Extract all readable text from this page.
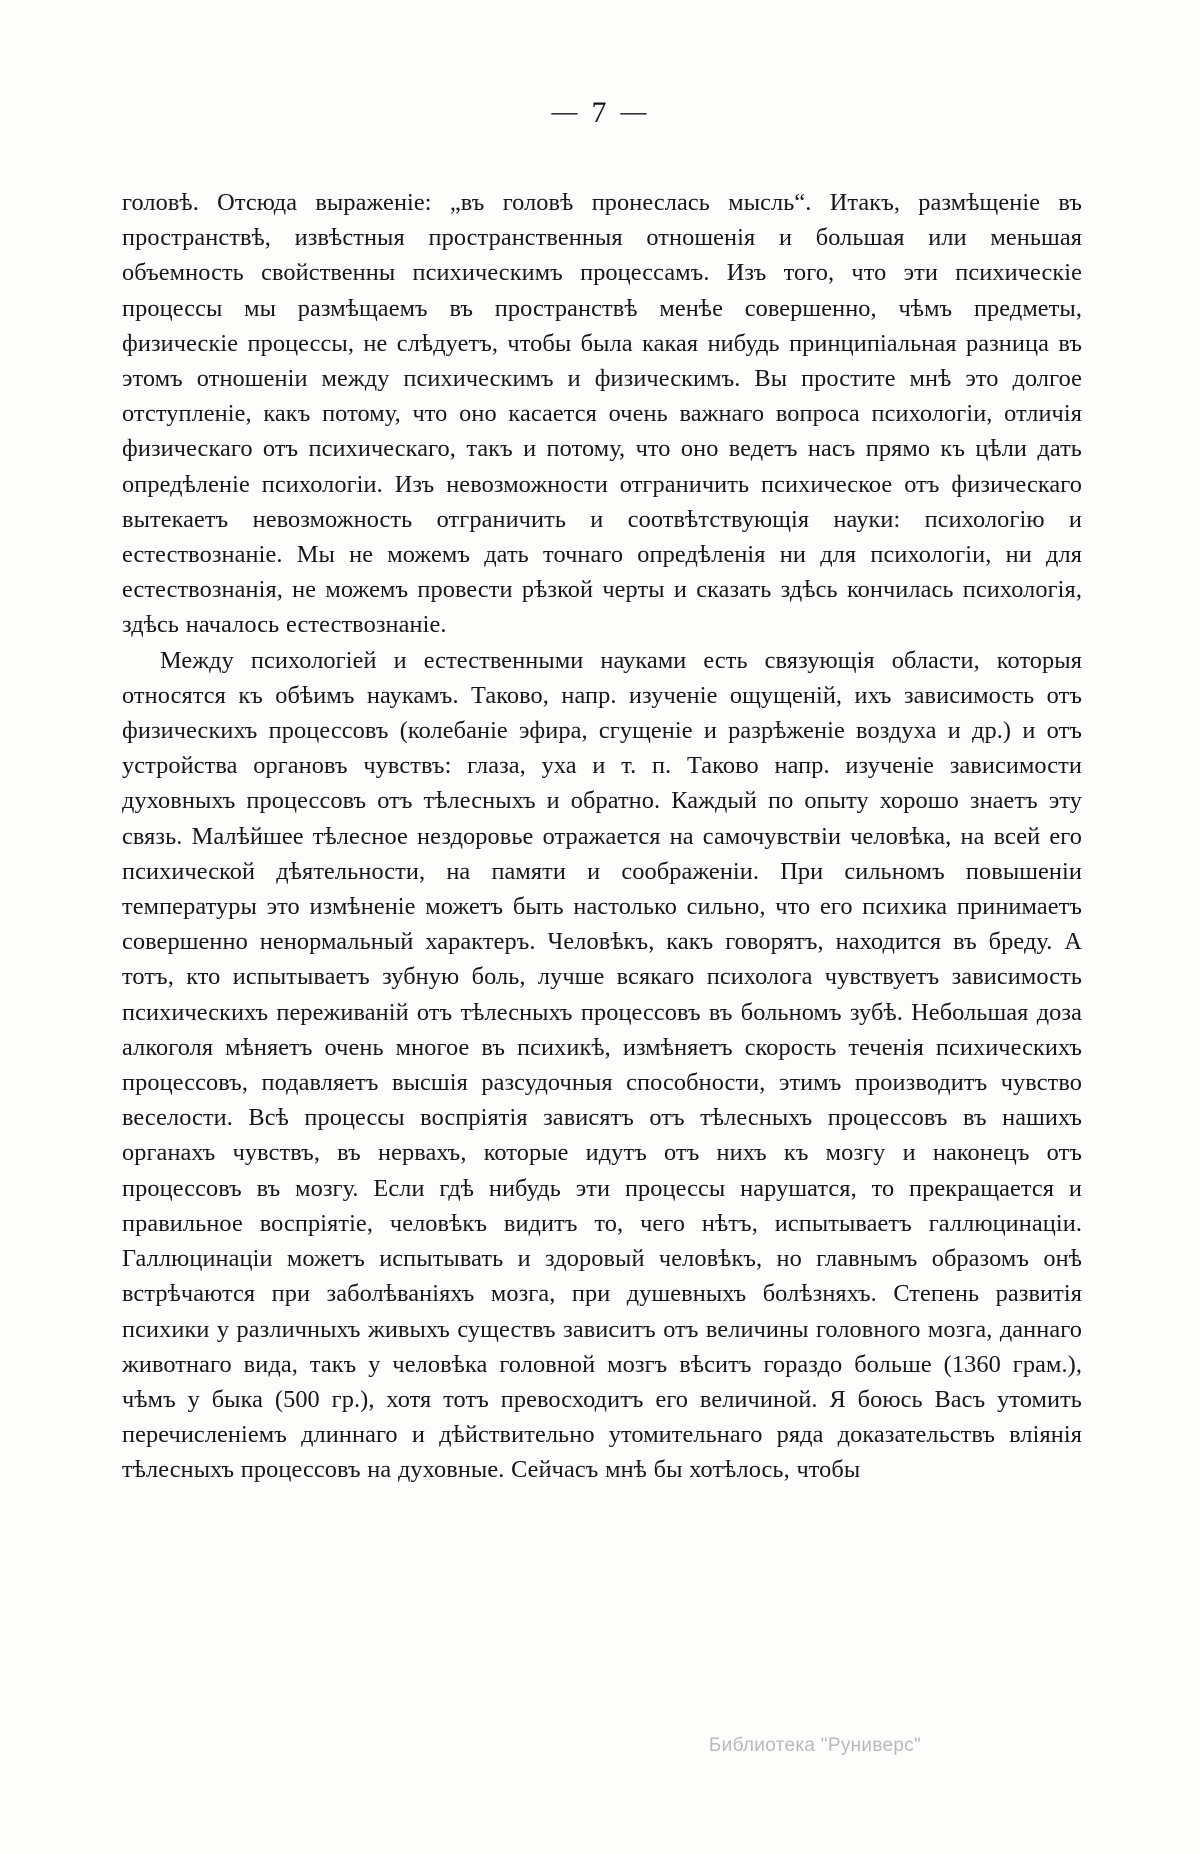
— 7 —

головѣ. Отсюда выраженіе: „въ головѣ пронеслась мысль“. Итакъ, размѣщеніе въ пространствѣ, извѣстныя пространственныя отношенія и большая или меньшая объемность свойственны психическимъ процессамъ. Изъ того, что эти психическіе процессы мы размѣщаемъ въ пространствѣ менѣе совершенно, чѣмъ предметы, физическіе процессы, не слѣдуетъ, чтобы была какая нибудь принципіальная разница въ этомъ отношеніи между психическимъ и физическимъ. Вы простите мнѣ это долгое отступленіе, какъ потому, что оно касается очень важнаго вопроса психологіи, отличія физическаго отъ психическаго, такъ и потому, что оно ведетъ насъ прямо къ цѣли дать опредѣленіе психологіи. Изъ невозможности отграничить психическое отъ физическаго вытекаетъ невозможность отграничить и соотвѣтствующія науки: психологію и естествознаніе. Мы не можемъ дать точнаго опредѣленія ни для психологіи, ни для естествознанія, не можемъ провести рѣзкой черты и сказать здѣсь кончилась психологія, здѣсь началось естествознаніе.

Между психологіей и естественными науками есть связующія области, которыя относятся къ обѣимъ наукамъ. Таково, напр. изученіе ощущеній, ихъ зависимость отъ физическихъ процессовъ (колебаніе эфира, сгущеніе и разрѣженіе воздуха и др.) и отъ устройства органовъ чувствъ: глаза, уха и т. п. Таково напр. изученіе зависимости духовныхъ процессовъ отъ тѣлесныхъ и обратно. Каждый по опыту хорошо знаетъ эту связь. Малѣйшее тѣлесное нездоровье отражается на самочувствіи человѣка, на всей его психической дѣятельности, на памяти и соображеніи. При сильномъ повышеніи температуры это измѣненіе можетъ быть настолько сильно, что его психика принимаетъ совершенно ненормальный характеръ. Человѣкъ, какъ говорятъ, находится въ бреду. А тотъ, кто испытываетъ зубную боль, лучше всякаго психолога чувствуетъ зависимость психическихъ переживаній отъ тѣлесныхъ процессовъ въ больномъ зубѣ. Небольшая доза алкоголя мѣняетъ очень многое въ психикѣ, измѣняетъ скорость теченія психическихъ процессовъ, подавляетъ высшія разсудочныя способности, этимъ производитъ чувство веселости. Всѣ процессы воспріятія зависятъ отъ тѣлесныхъ процессовъ въ нашихъ органахъ чувствъ, въ нервахъ, которые идутъ отъ нихъ къ мозгу и наконецъ отъ процессовъ въ мозгу. Если гдѣ нибудь эти процессы нарушатся, то прекращается и правильное воспріятіе, человѣкъ видитъ то, чего нѣтъ, испытываетъ галлюцинаціи. Галлюцинаціи можетъ испытывать и здоровый человѣкъ, но главнымъ образомъ онѣ встрѣчаются при заболѣваніяхъ мозга, при душевныхъ болѣзняхъ. Степень развитія психики у различныхъ живыхъ существъ зависитъ отъ величины головного мозга, даннаго животнаго вида, такъ у человѣка головной мозгъ вѣситъ гораздо больше (1360 грам.), чѣмъ у быка (500 гр.), хотя тотъ превосходитъ его величиной. Я боюсь Васъ утомить перечисленіемъ длиннаго и дѣйствительно утомительнаго ряда доказательствъ вліянія тѣлесныхъ процессовъ на духовные. Сейчасъ мнѣ бы хотѣлось, чтобы

Библиотека "Руниверс"
